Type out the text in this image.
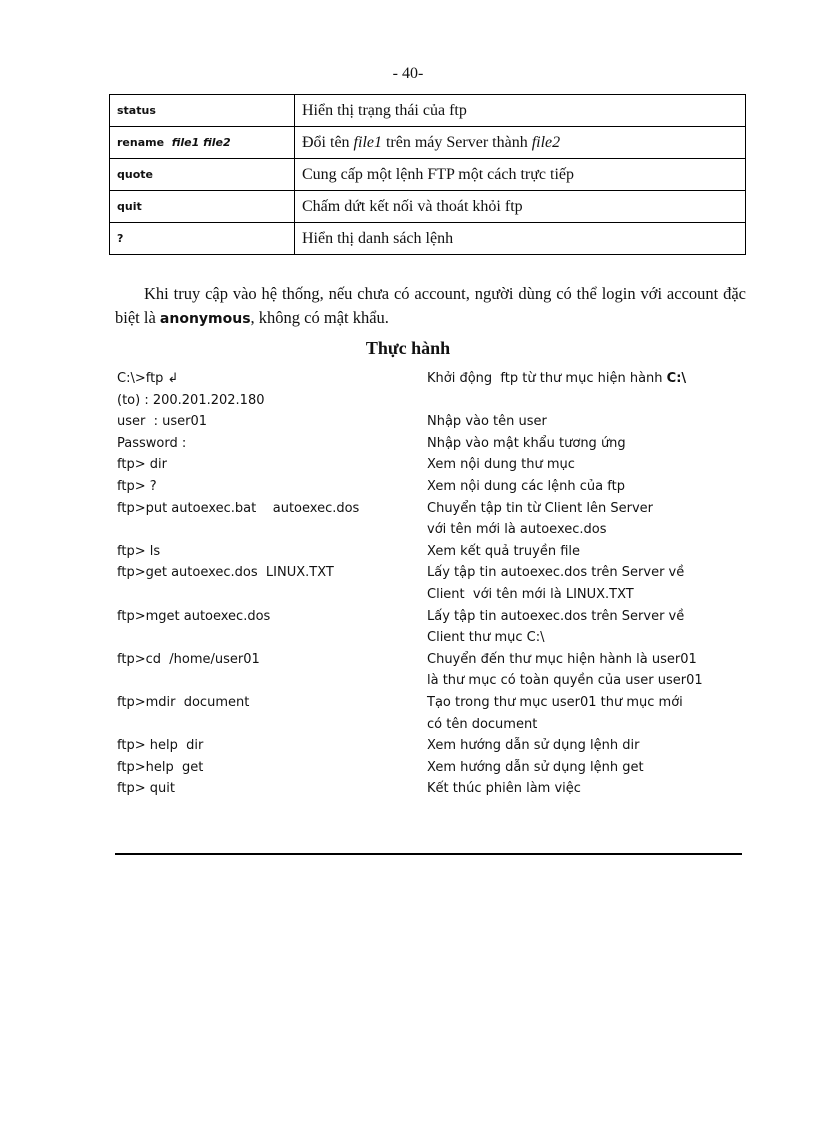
- 40-
status	Hiển thị trạng thái của ftp
rename file1 file2	Đổi tên file1 trên máy Server thành file2
quote	Cung cấp một lệnh FTP một cách trực tiếp
quit	Chấm dứt kết nối và thoát khỏi ftp
?	Hiển thị danh sách lệnh

Khi truy cập vào hệ thống, nếu chưa có account, người dùng có thể login với account đặc biệt là anonymous, không có mật khẩu.

Thực hành
C:\>ftp ↲	Khởi động  ftp từ thư mục hiện hành C:\
(to) : 200.201.202.180

user  : user01	Nhập vào tên user
Password :	Nhập vào mật khẩu tương ứng
ftp> dir	Xem nội dung thư mục
ftp> ?	Xem nội dung các lệnh của ftp
ftp>put autoexec.bat    autoexec.dos	Chuyển tập tin từ Client lên Server
với tên mới là autoexec.dos
ftp> ls	Xem kết quả truyền file
ftp>get autoexec.dos  LINUX.TXT	Lấy tập tin autoexec.dos trên Server về
Client  với tên mới là LINUX.TXT
ftp>mget autoexec.dos	Lấy tập tin autoexec.dos trên Server về
Client thư mục C:\
ftp>cd  /home/user01	Chuyển đến thư mục hiện hành là user01
là thư mục có toàn quyền của user user01
ftp>mdir  document	Tạo trong thư mục user01 thư mục mới
có tên document
ftp> help  dir	Xem hướng dẫn sử dụng lệnh dir
ftp>help  get	Xem hướng dẫn sử dụng lệnh get
ftp> quit	Kết thúc phiên làm việc
